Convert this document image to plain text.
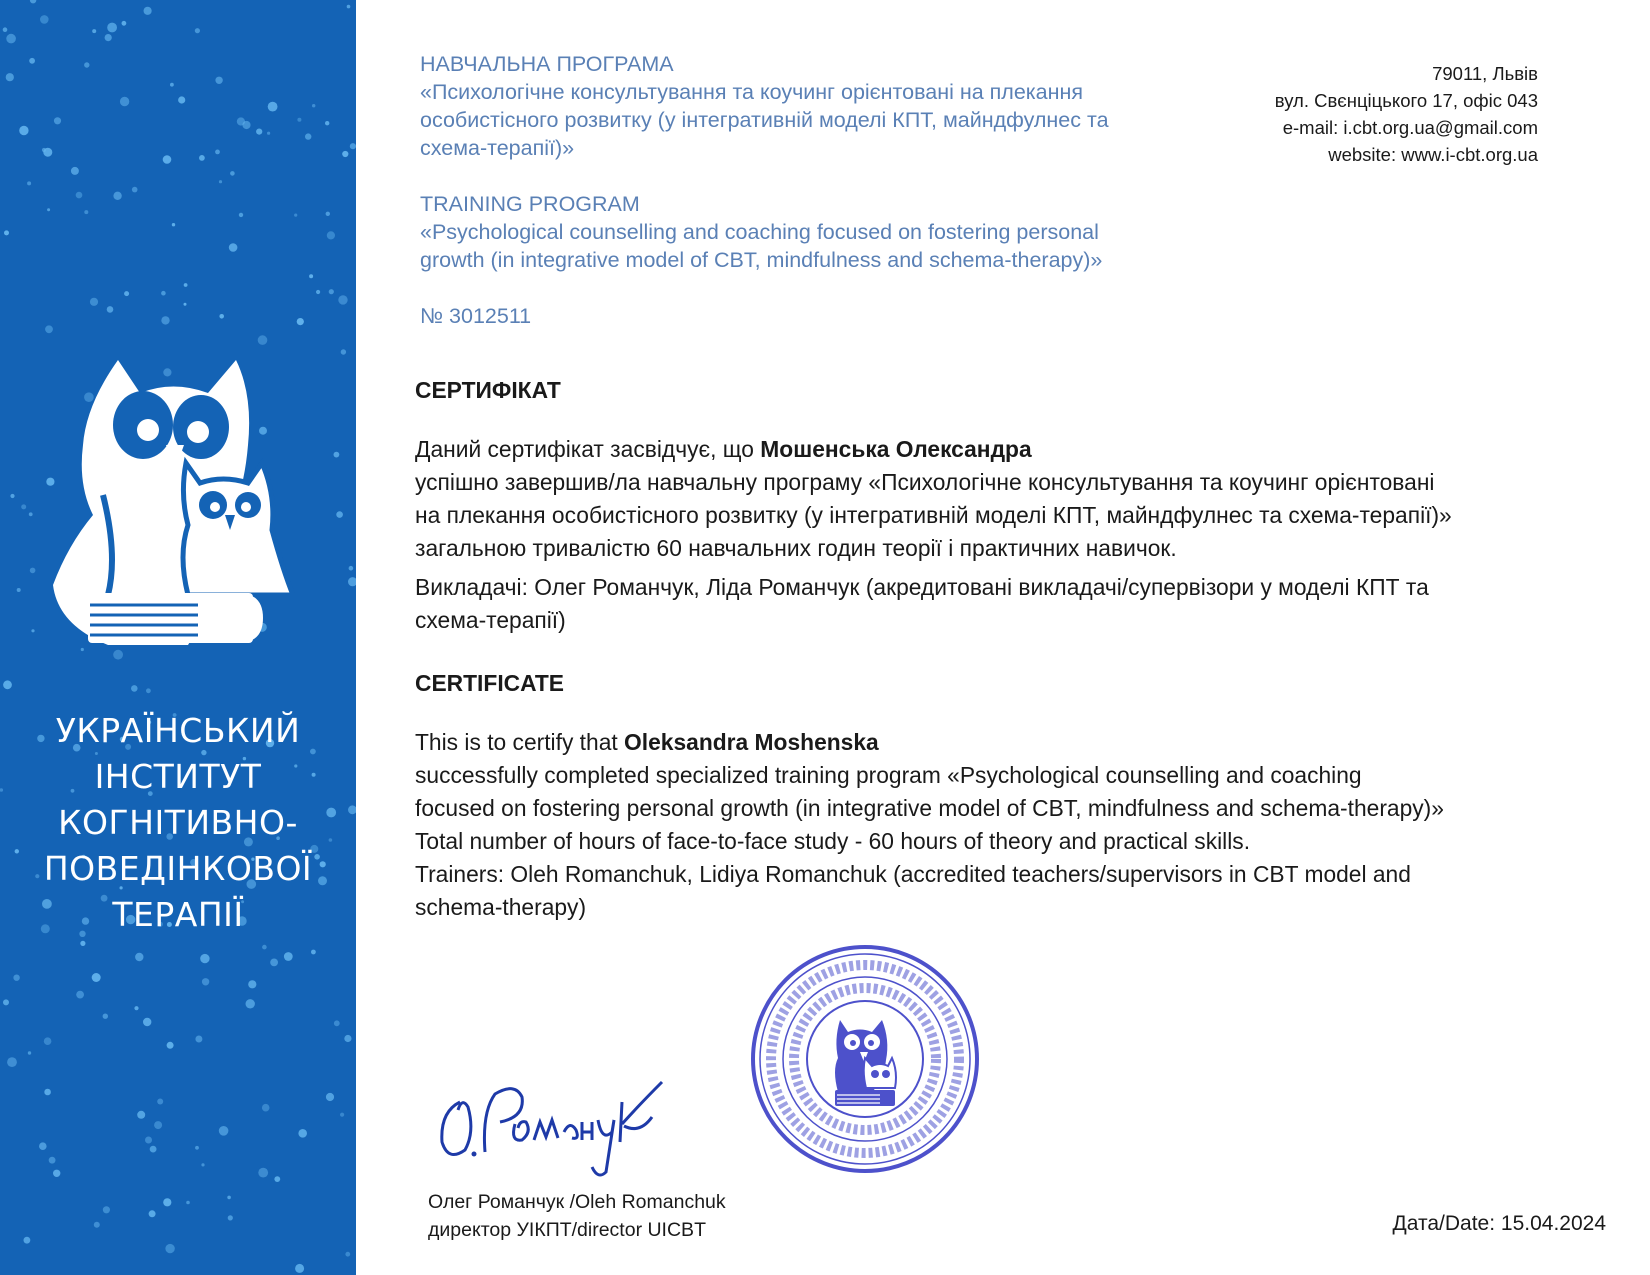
УКРАЇНСЬКИЙ
ІНСТИТУТ
КОГНІТИВНО-
ПОВЕДІНКОВОЇ
ТЕРАПІЇ

НАВЧАЛЬНА ПРОГРАМА

«Психологічне консультування та коучинг орієнтовані на плекання

особистісного розвитку (у інтегративній моделі КПТ, майндфулнес та

схема-терапії)»

TRAINING PROGRAM

«Psychological counselling and coaching focused on fostering personal

growth (in integrative model of CBT, mindfulness and schema-therapy)»

№ 3012511

79011, Львів
вул. Свєнціцького 17, офіс 043
e-mail: i.cbt.org.ua@gmail.com
website: www.i-cbt.org.ua

СЕРТИФІКАТ

Даний сертифікат засвідчує, що Мошенська Олександра

успішно завершив/ла навчальну програму «Психологічне консультування та коучинг орієнтовані

на плекання особистісного розвитку (у інтегративній моделі КПТ, майндфулнес та схема-терапії)»

загальною тривалістю 60 навчальних годин теорії і практичних навичок.

Викладачі: Олег Романчук, Ліда Романчук (акредитовані викладачі/супервізори у моделі КПТ та

схема-терапії)

CERTIFICATE

This is to certify that Oleksandra Moshenska

successfully completed specialized training program «Psychological counselling and coaching

focused on fostering personal growth (in integrative model of CBT, mindfulness and schema-therapy)»

Total number of hours of face-to-face study - 60 hours of theory and practical skills.

Trainers: Oleh Romanchuk, Lidiya Romanchuk (accredited teachers/supervisors in CBT model and

schema-therapy)

Олег Романчук /Oleh Romanchuk
директор УІКПТ/director UICBT	Дата/Date: 15.04.2024
